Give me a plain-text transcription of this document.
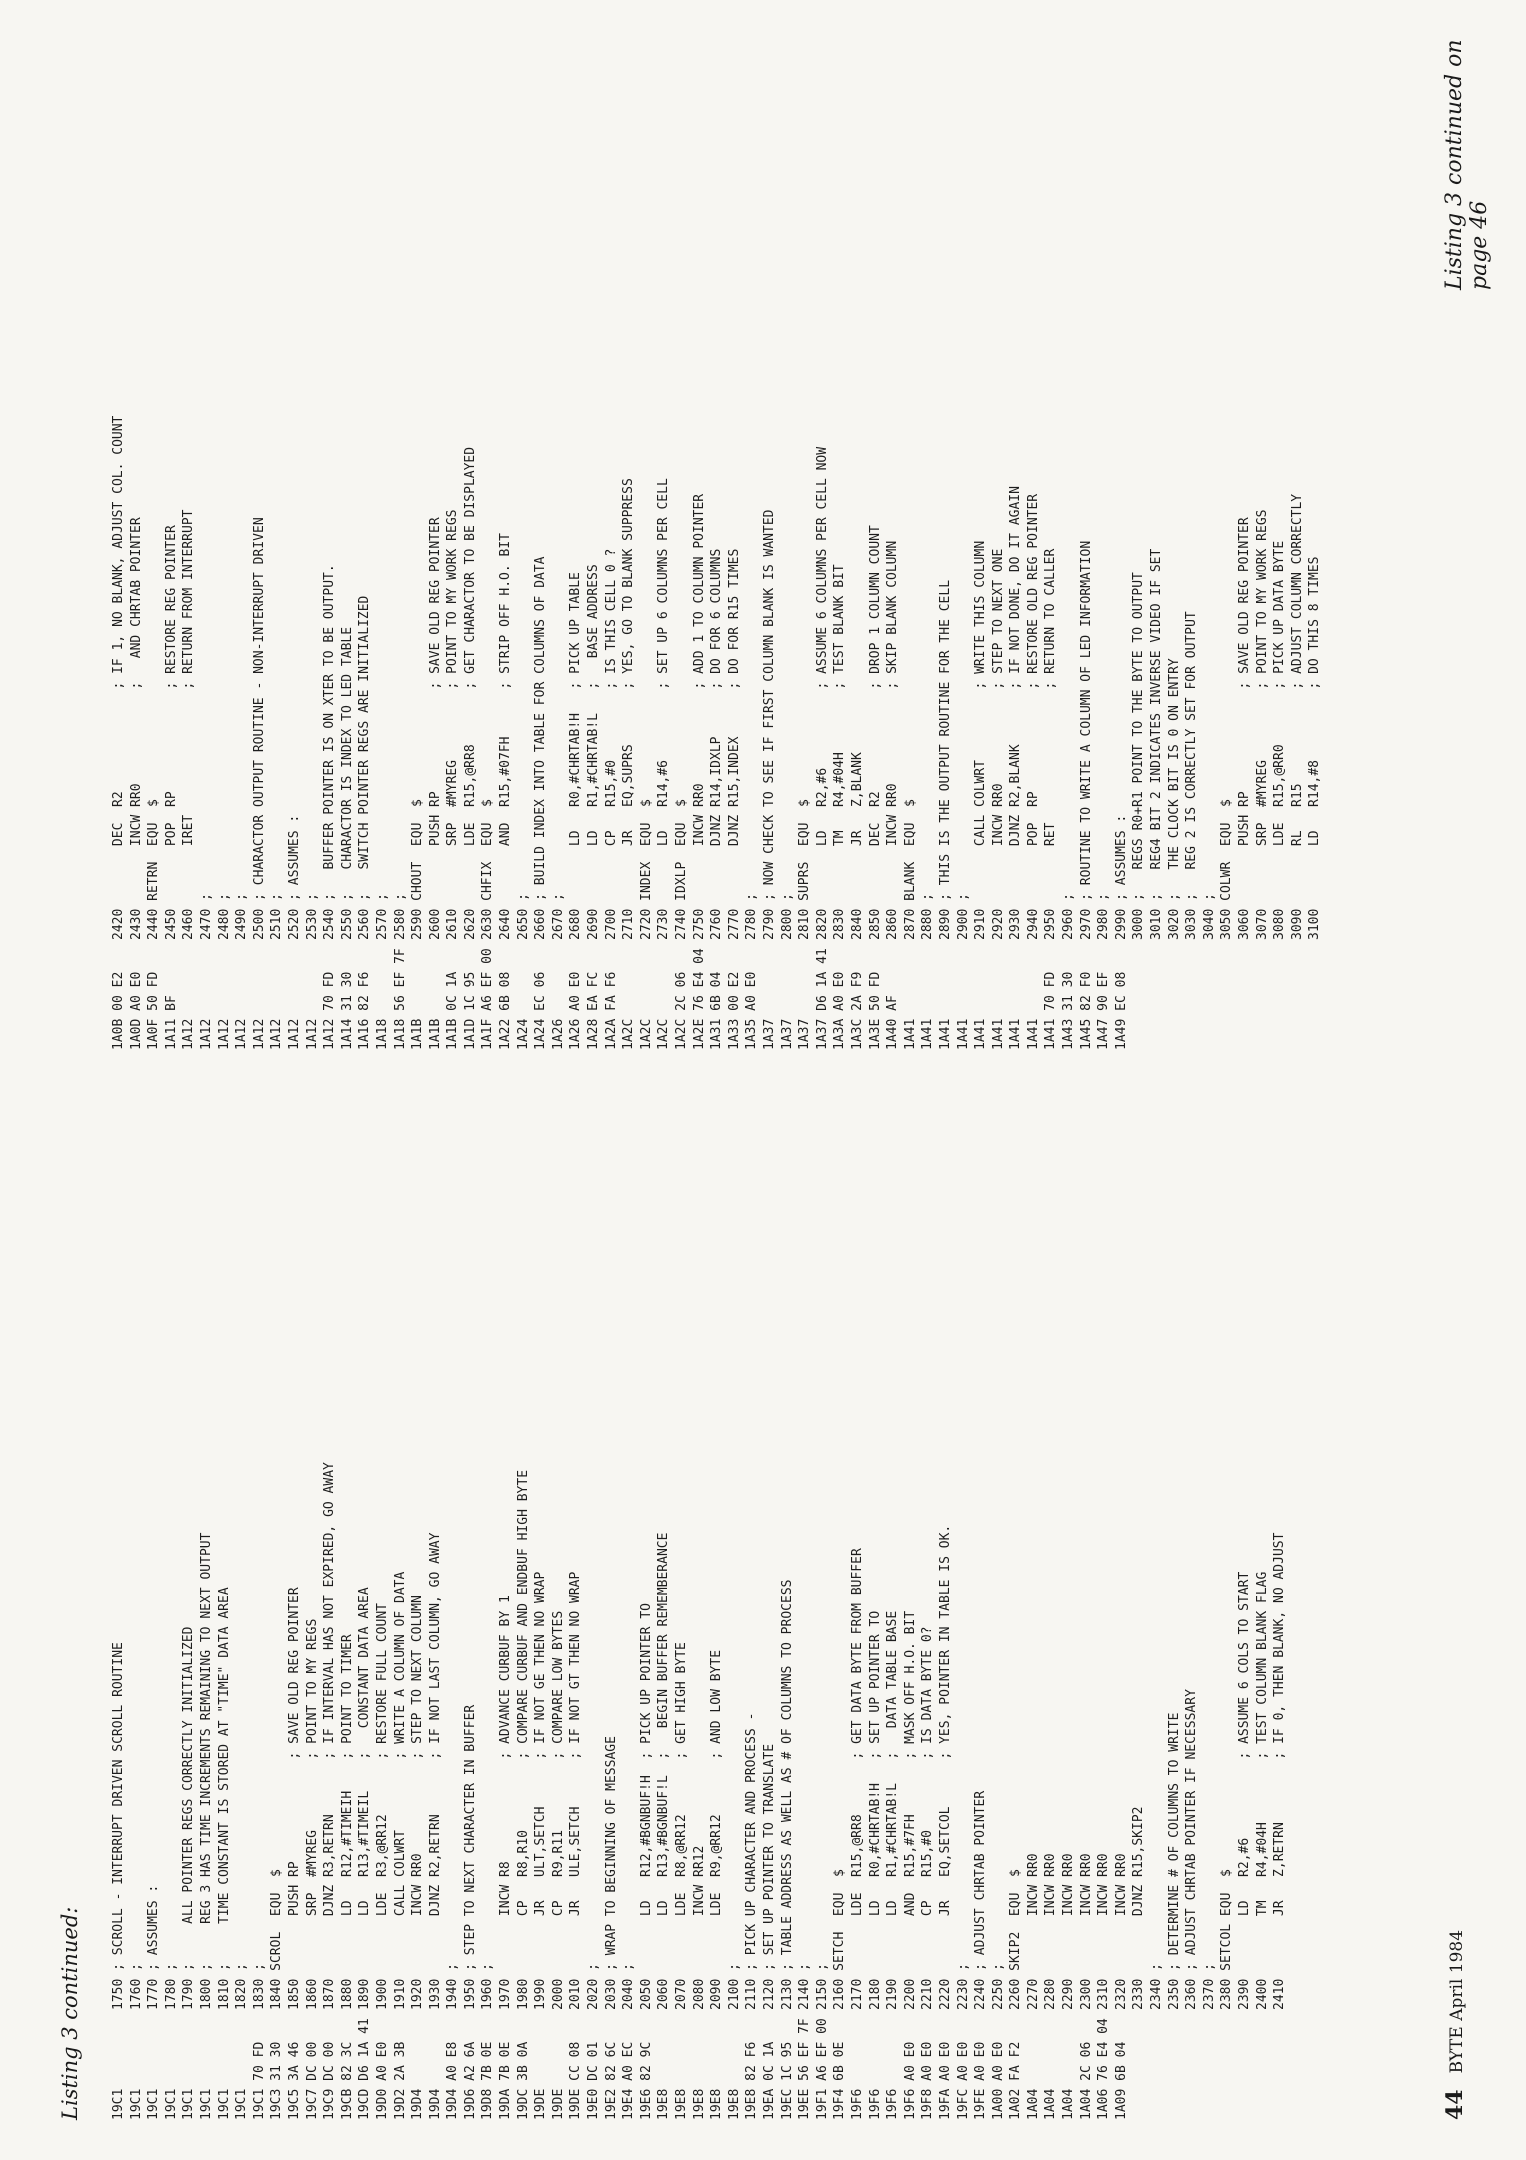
Listing 3 continued: 19C1 19C1 19C1 19C1 19C1 19C1 19C1 19C1 19C1 70 FD 19C3 31 30 19C5 3A 46 19C7 DC 00 19C9 DC 00 19CB 82 3C 19CD D6 1A 41 19D0 A0 E0 19D2 2A 3B 19D4 19D4 19D4 A0 E8 19D6 A2 6A 19D8 7B 0E 19DA 7B 0E 19DC 3B 0A 19DE 19DE 19DE CC 08 19E0 DC 01 19E2 82 6C 19E4 A0 EC 19E6 82 9C 19E8 19E8 19E8 19E8 19E8 19E8 82 F6 19EA 0C 1A 19EC 1C 95 19EE 56 EF 7F 19F1 A6 EF 00 19F4 6B 0E 19F6 19F6 19F6 19F6 A0 E0 19F8 A0 E0 19FA A0 E0 19FC A0 E0 19FE A0 E0 1A00 A0 E0 1A02 FA F2 1A04 1A04 1A04 1A04 2C 06 1A06 76 E4 04 1A09 6B 04
1750 ; SCROLL - INTERRUPT DRIVEN SCROLL ROUTINE 1760 ; 1770 ; ASSUMES : 1780 ; 1790 ;     ALL POINTER REGS CORRECTLY INITIALIZED 1800 ;     REG 3 HAS TIME INCREMENTS REMAINING TO NEXT OUTPUT 1810 ;     TIME CONSTANT IS STORED AT "TIME" DATA AREA 1820 ; 1830 ; 1840 SCROL  EQU  $ 1850        PUSH RP             ; SAVE OLD REG POINTER 1860        SRP  #MYREG         ; POINT TO MY REGS 1870        DJNZ R3,RETRN       ; IF INTERVAL HAS NOT EXPIRED, GO AWAY 1880        LD   R12,#TIMEIH    ; POINT TO TIMER 1890        LD   R13,#TIMEIL    ;   CONSTANT DATA AREA 1900        LDE  R3,@RR12       ; RESTORE FULL COUNT 1910        CALL COLWRT         ; WRITE A COLUMN OF DATA 1920        INCW RR0            ; STEP TO NEXT COLUMN 1930        DJNZ R2,RETRN       ; IF NOT LAST COLUMN, GO AWAY 1940 ; 1950 ; STEP TO NEXT CHARACTER IN BUFFER 1960 ; 1970        INCW R8             ; ADVANCE CURBUF BY 1 1980        CP   R8,R10         ; COMPARE CURBUF AND ENDBUF HIGH BYTE 1990        JR   ULT,SETCH      ; IF NOT GE THEN NO WRAP 2000        CP   R9,R11         ; COMPARE LOW BYTES 2010        JR   ULE,SETCH      ; IF NOT GT THEN NO WRAP 2020 ; 2030 ; WRAP TO BEGINNING OF MESSAGE 2040 ; 2050        LD   R12,#BGNBUF!H  ; PICK UP POINTER TO 2060        LD   R13,#BGNBUF!L  ;   BEGIN BUFFER REMEMBERANCE 2070        LDE  R8,@RR12       ; GET HIGH BYTE 2080        INCW RR12 2090        LDE  R9,@RR12       ; AND LOW BYTE 2100 ; 2110 ; PICK UP CHARACTER AND PROCESS - 2120 ; SET UP POINTER TO TRANSLATE 2130 ; TABLE ADDRESS AS WELL AS # OF COLUMNS TO PROCESS 2140 ; 2150 ; 2160 SETCH  EQU  $ 2170        LDE  R15,@RR8       ; GET DATA BYTE FROM BUFFER 2180        LD   R0,#CHRTAB!H   ; SET UP POINTER TO 2190        LD   R1,#CHRTAB!L   ;   DATA TABLE BASE 2200        AND  R15,#7FH       ; MASK OFF H.O. BIT 2210        CP   R15,#0         ; IS DATA BYTE 0? 2220        JR   EQ,SETCOL      ; YES, POINTER IN TABLE IS OK. 2230 ; 2240 ; ADJUST CHRTAB POINTER 2250 ; 2260 SKIP2  EQU  $ 2270        INCW RR0 2280        INCW RR0 2290        INCW RR0 2300        INCW RR0 2310        INCW RR0 2320        INCW RR0 2330        DJNZ R15,SKIP2 2340 ; 2350 ; DETERMINE # OF COLUMNS TO WRITE 2360 ; ADJUST CHRTAB POINTER IF NECESSARY 2370 ; 2380 SETCOL EQU  $ 2390        LD   R2,#6          ; ASSUME 6 COLS TO START 2400        TM   R4,#04H        ; TEST COLUMN BLANK FLAG 2410        JR   Z,RETRN        ; IF 0, THEN BLANK, NO ADJUST
1A0B 00 E2 1A0D A0 E0 1A0F 50 FD 1A11 BF 1A12 1A12 1A12 1A12 1A12 1A12 1A12 1A12 1A12 70 FD 1A14 31 30 1A16 82 F6 1A18 1A18 56 EF 7F 1A1B 1A1B 1A1B 0C 1A 1A1D 1C 95 1A1F A6 EF 00 1A22 6B 08 1A24 1A24 EC 06 1A26 1A26 A0 E0 1A28 EA FC 1A2A FA F6 1A2C 1A2C 1A2C 1A2C 2C 06 1A2E 76 E4 04 1A31 6B 04 1A33 00 E2 1A35 A0 E0 1A37 1A37 1A37 1A37 D6 1A 41 1A3A A0 E0 1A3C 2A F9 1A3E 50 FD 1A40 AF 1A41 1A41 1A41 1A41 1A41 1A41 1A41 1A41 1A41 70 FD 1A43 31 30 1A45 82 F0 1A47 90 EF 1A49 EC 08
2420        DEC  R2             ; IF 1, NO BLANK, ADJUST COL. COUNT 2430        INCW RR0            ;   AND CHRTAB POINTER 2440 RETRN  EQU  $ 2450        POP  RP             ; RESTORE REG POINTER 2460        IRET                ; RETURN FROM INTERRUPT 2470 ; 2480 ; 2490 ; 2500 ; CHARACTOR OUTPUT ROUTINE - NON-INTERRUPT DRIVEN 2510 ; 2520 ; ASSUMES : 2530 ; 2540 ;   BUFFER POINTER IS ON XTER TO BE OUTPUT. 2550 ;   CHARACTOR IS INDEX TO LED TABLE 2560 ;   SWITCH POINTER REGS ARE INITIALIZED 2570 ; 2580 ; 2590 CHOUT  EQU  $ 2600        PUSH RP             ; SAVE OLD REG POINTER 2610        SRP  #MYREG         ; POINT TO MY WORK REGS 2620        LDE  R15,@RR8       ; GET CHARACTOR TO BE DISPLAYED 2630 CHFIX  EQU  $ 2640        AND  R15,#07FH      ; STRIP OFF H.O. BIT 2650 ; 2660 ; BUILD INDEX INTO TABLE FOR COLUMNS OF DATA 2670 ; 2680        LD   R0,#CHRTAB!H   ; PICK UP TABLE 2690        LD   R1,#CHRTAB!L   ;   BASE ADDRESS 2700        CP   R15,#0         ; IS THIS CELL 0 ? 2710        JR   EQ,SUPRS       ; YES, GO TO BLANK SUPPRESS 2720 INDEX  EQU  $ 2730        LD   R14,#6         ; SET UP 6 COLUMNS PER CELL 2740 IDXLP  EQU  $ 2750        INCW RR0            ; ADD 1 TO COLUMN POINTER 2760        DJNZ R14,IDXLP      ; DO FOR 6 COLUMNS 2770        DJNZ R15,INDEX      ; DO FOR R15 TIMES 2780 ; 2790 ; NOW CHECK TO SEE IF FIRST COLUMN BLANK IS WANTED 2800 ; 2810 SUPRS  EQU  $ 2820        LD   R2,#6          ; ASSUME 6 COLUMNS PER CELL NOW 2830        TM   R4,#04H        ; TEST BLANK BIT 2840        JR   Z,BLANK 2850        DEC  R2             ; DROP 1 COLUMN COUNT 2860        INCW RR0            ; SKIP BLANK COLUMN 2870 BLANK  EQU  $ 2880 ; 2890 ; THIS IS THE OUTPUT ROUTINE FOR THE CELL 2900 ; 2910        CALL COLWRT         ; WRITE THIS COLUMN 2920        INCW RR0            ; STEP TO NEXT ONE 2930        DJNZ R2,BLANK       ; IF NOT DONE, DO IT AGAIN 2940        POP  RP             ; RESTORE OLD REG POINTER 2950        RET                 ; RETURN TO CALLER 2960 ; 2970 ; ROUTINE TO WRITE A COLUMN OF LED INFORMATION 2980 ; 2990 ; ASSUMES : 3000 ;   REGS R0+R1 POINT TO THE BYTE TO OUTPUT 3010 ;   REG4 BIT 2 INDICATES INVERSE VIDEO IF SET 3020 ;   THE CLOCK BIT IS 0 ON ENTRY 3030 ;   REG 2 IS CORRECTLY SET FOR OUTPUT 3040 ; 3050 COLWR  EQU  $ 3060        PUSH RP             ; SAVE OLD REG POINTER 3070        SRP  #MYREG         ; POINT TO MY WORK REGS 3080        LDE  R15,@RR0       ; PICK UP DATA BYTE 3090        RL   R15            ; ADJUST COLUMN CORRECTLY 3100        LD   R14,#8         ; DO THIS 8 TIMES
44
BYTE April 1984
Listing 3 continued on page 46
